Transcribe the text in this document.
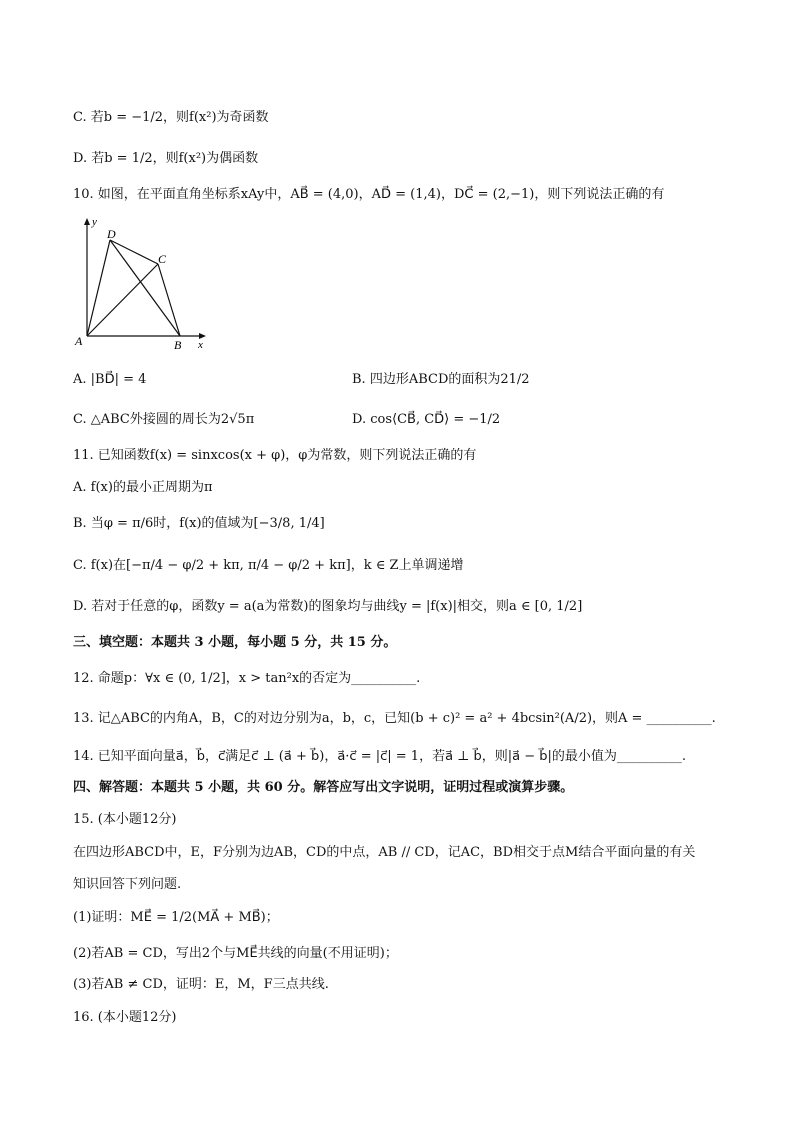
C. 若b = −1/2，则f(x²)为奇函数
D. 若b = 1/2，则f(x²)为偶函数
10. 如图，在平面直角坐标系xAy中，AB⃗ = (4,0)，AD⃗ = (1,4)，DC⃗ = (2,−1)，则下列说法正确的有
y
D
C
A	B x
A. |BD⃗| = 4	B. 四边形ABCD的面积为21/2
C. △ABC外接圆的周长为2√5π	D. cos⟨CB⃗, CD⃗⟩ = −1/2
11. 已知函数f(x) = sinxcos(x + φ)，φ为常数，则下列说法正确的有
A. f(x)的最小正周期为π
B. 当φ = π/6时，f(x)的值域为[−3/8, 1/4]
C. f(x)在[−π/4 − φ/2 + kπ, π/4 − φ/2 + kπ]，k ∈ Z上单调递增
D. 若对于任意的φ，函数y = a(a为常数)的图象均与曲线y = |f(x)|相交，则a ∈ [0, 1/2]
三、填空题：本题共 3 小题，每小题 5 分，共 15 分。
12. 命题p：∀x ∈ (0, 1/2]，x > tan²x的否定为__________.
13. 记△ABC的内角A，B，C的对边分别为a，b，c，已知(b + c)² = a² + 4bcsin²(A/2)，则A = __________.
14. 已知平面向量a⃗，b⃗，c⃗满足c⃗ ⊥ (a⃗ + b⃗)，a⃗·c⃗ = |c⃗| = 1，若a⃗ ⊥ b⃗，则|a⃗ − b⃗|的最小值为__________.
四、解答题：本题共 5 小题，共 60 分。解答应写出文字说明，证明过程或演算步骤。
15. (本小题12分)
在四边形ABCD中，E，F分别为边AB，CD的中点，AB // CD，记AC，BD相交于点M结合平面向量的有关
知识回答下列问题.
(1)证明：ME⃗ = 1/2(MA⃗ + MB⃗)；
(2)若AB = CD，写出2个与ME⃗共线的向量(不用证明)；
(3)若AB ≠ CD，证明：E，M，F三点共线.
16. (本小题12分)
